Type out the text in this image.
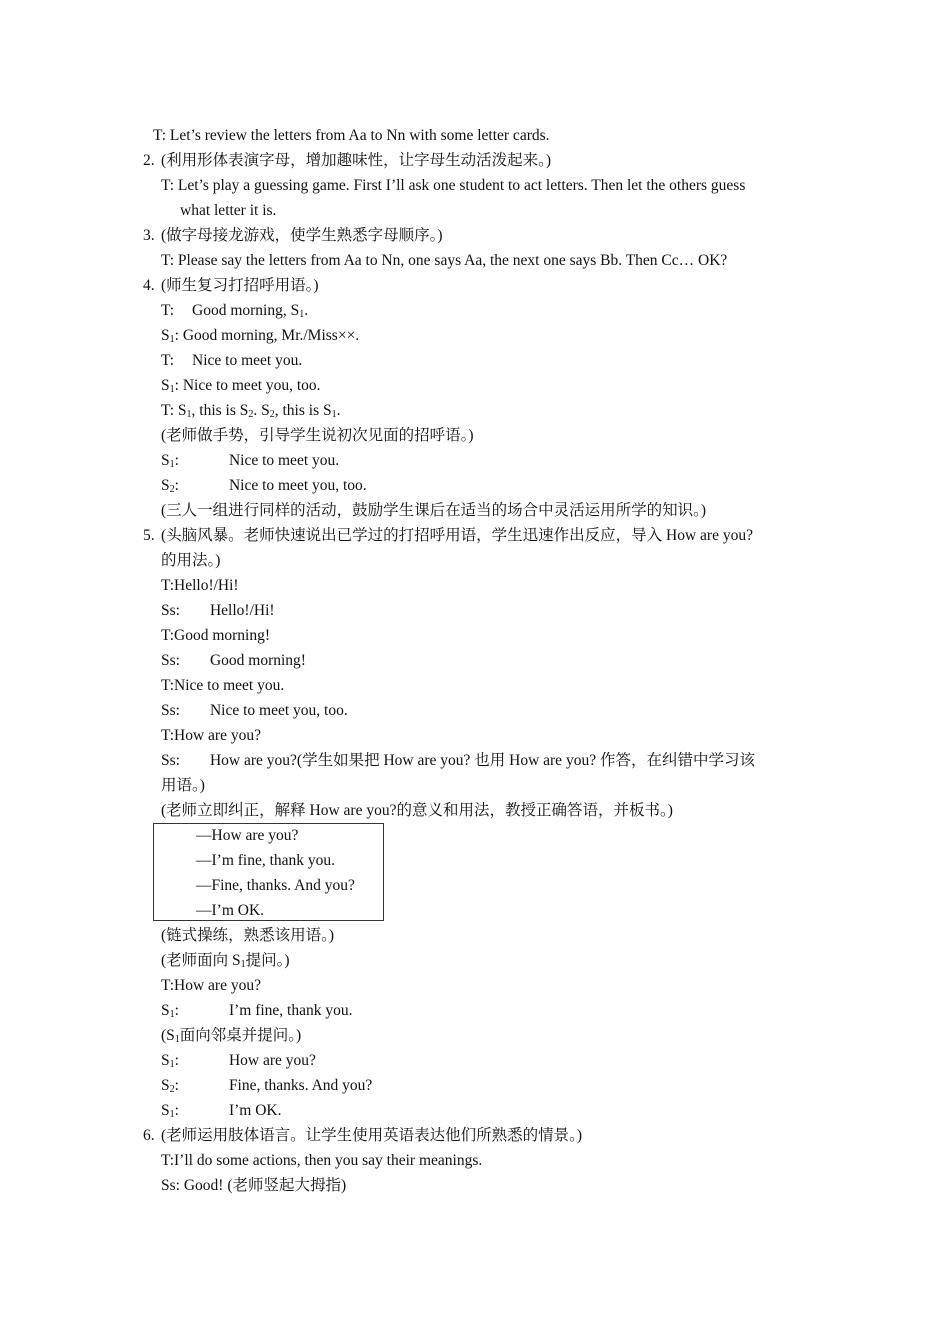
T: Let’s review the letters from Aa to Nn with some letter cards.
2. (利用形体表演字母，增加趣味性，让字母生动活泼起来。)
T: Let’s play a guessing game. First I’ll ask one student to act letters. Then let the others guess
what letter it is.
3. (做字母接龙游戏，使学生熟悉字母顺序。)
T: Please say the letters from Aa to Nn, one says Aa, the next one says Bb. Then Cc… OK?
4. (师生复习打招呼用语。)
T: Good morning, $S_1$.
$S_1$: Good morning, Mr./Miss××.
T: Nice to meet you.
$S_1$: Nice to meet you, too.
T: $S_1$, this is $S_2$. $S_2$, this is $S_1$.
(老师做手势，引导学生说初次见面的招呼语。)
$S_1$:	Nice to meet you.
$S_2$:	Nice to meet you, too.
(三人一组进行同样的活动，鼓励学生课后在适当的场合中灵活运用所学的知识。)
5. (头脑风暴。老师快速说出已学过的打招呼用语，学生迅速作出反应，导入 How are you?
的用法。)
T:Hello!/Hi!
Ss: Hello!/Hi!
T:Good morning!
Ss: Good morning!
T:Nice to meet you.
Ss: Nice to meet you, too.
T:How are you?
Ss: How are you?(学生如果把 How are you? 也用 How are you? 作答，在纠错中学习该
用语。)
(老师立即纠正，解释 How are you?的意义和用法，教授正确答语，并板书。)
—How are you?
—I’m fine, thank you.
—Fine, thanks. And you?
—I’m OK.
(链式操练，熟悉该用语。)
(老师面向 $S_1$提问。)
T:How are you?
$S_1$:	I’m fine, thank you.
($S_1$面向邻桌并提问。)
$S_1$:	How are you?
$S_2$:	Fine, thanks. And you?
$S_1$:	I’m OK.
6. (老师运用肢体语言。让学生使用英语表达他们所熟悉的情景。)
T:I’ll do some actions, then you say their meanings.
Ss: Good! (老师竖起大拇指)
